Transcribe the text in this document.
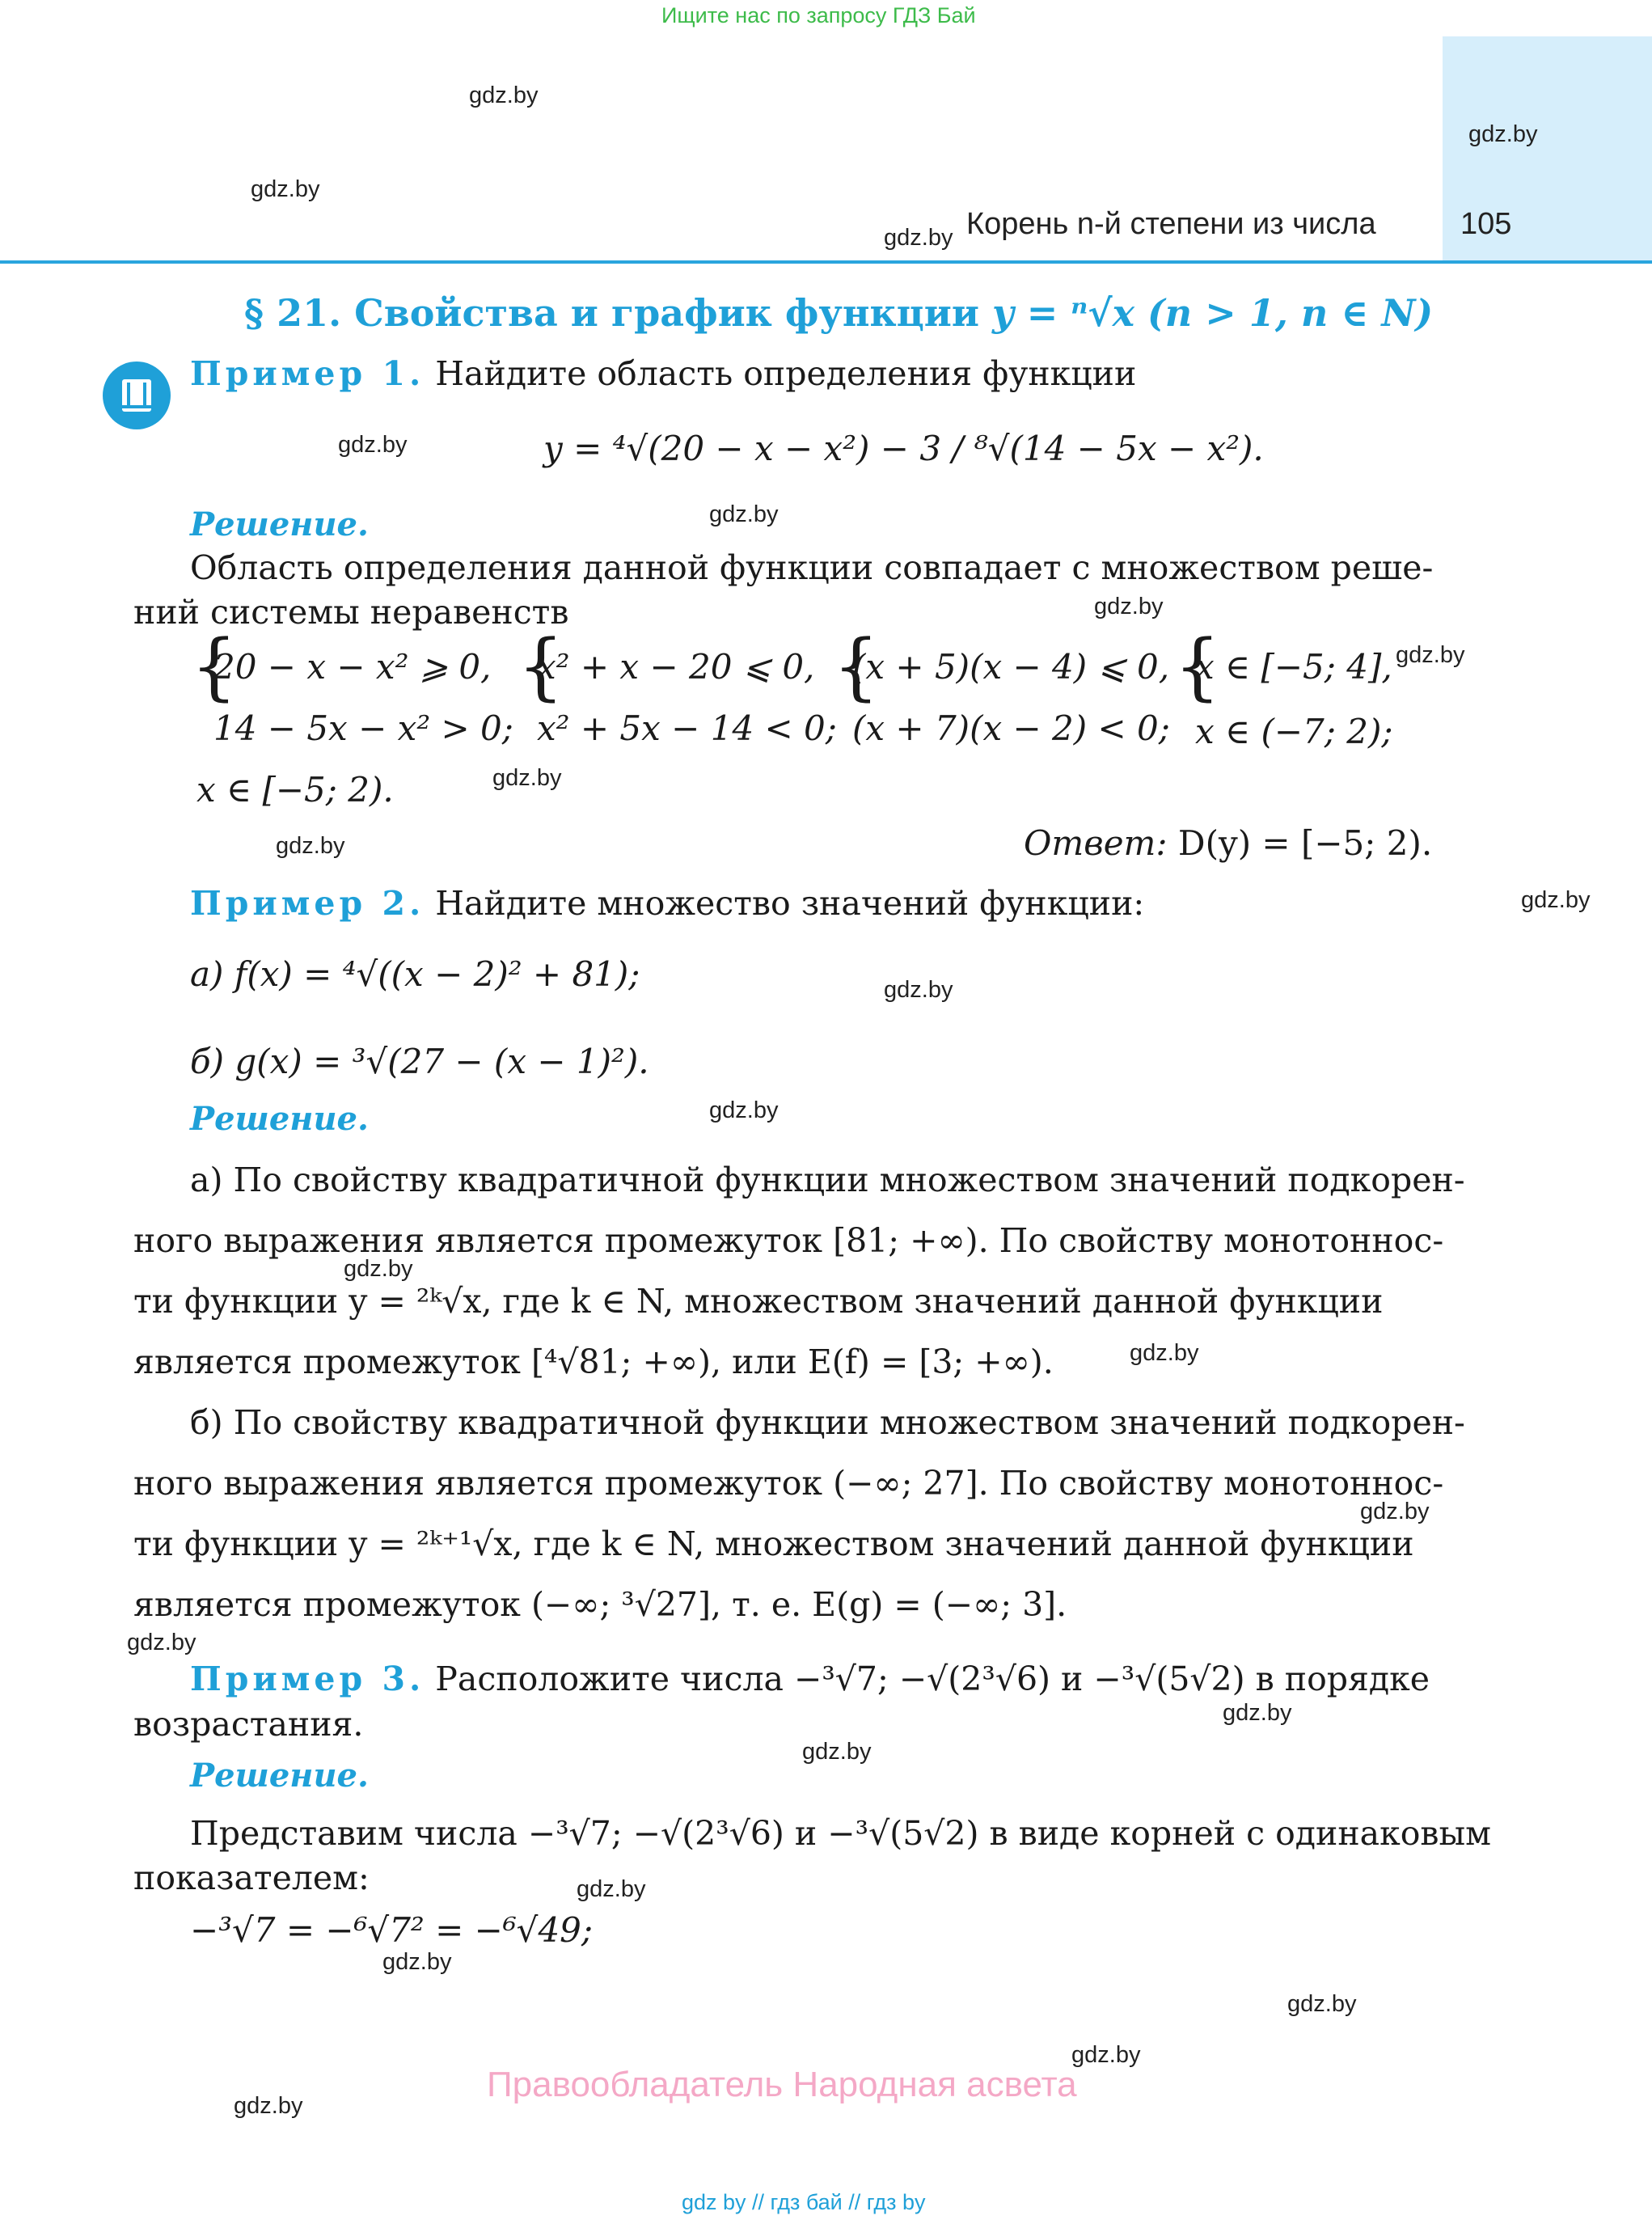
Ищите нас по запросу ГДЗ Бай
Корень n-й степени из числа	105
gdz.by
gdz.by
gdz.by
gdz.by
gdz.by
gdz.by
gdz.by
gdz.by
gdz.by
gdz.by
gdz.by
gdz.by
gdz.by
gdz.by
gdz.by
gdz.by
gdz.by
gdz.by
gdz.by
gdz.by
gdz.by
gdz.by
gdz.by
gdz.by
§ 21. Свойства и график функции y = ⁿ√x (n > 1, n ∈ N)
Пример 1. Найдите область определения функции
y = ⁴√(20 − x − x²) − 3 / ⁸√(14 − 5x − x²).
Решение.
Область определения данной функции совпадает с множеством реше-
ний системы неравенств
{
20 − x − x² ⩾ 0,
14 − 5x − x² > 0;
{
x² + x − 20 ⩽ 0,
x² + 5x − 14 < 0;
{
(x + 5)(x − 4) ⩽ 0,
(x + 7)(x − 2) < 0;
{
x ∈ [−5; 4],
x ∈ (−7; 2);
x ∈ [−5; 2).
Ответ: D(y) = [−5; 2).
Пример 2. Найдите множество значений функции:
а) f(x) = ⁴√((x − 2)² + 81);
б) g(x) = ³√(27 − (x − 1)²).
Решение.
а) По свойству квадратичной функции множеством значений подкорен-
ного выражения является промежуток [81; +∞). По свойству монотоннос-
ти функции y = ²ᵏ√x, где k ∈ N, множеством значений данной функции
является промежуток [⁴√81; +∞), или E(f) = [3; +∞).
б) По свойству квадратичной функции множеством значений подкорен-
ного выражения является промежуток (−∞; 27]. По свойству монотоннос-
ти функции y = ²ᵏ⁺¹√x, где k ∈ N, множеством значений данной функции
является промежуток (−∞; ³√27], т. е. E(g) = (−∞; 3].
Пример 3. Расположите числа −³√7; −√(2³√6) и −³√(5√2) в порядке
возрастания.
Решение.
Представим числа −³√7; −√(2³√6) и −³√(5√2) в виде корней с одинаковым
показателем:
−³√7 = −⁶√7² = −⁶√49;
Правообладатель Народная асвета
gdz by // гдз бай // гдз by
